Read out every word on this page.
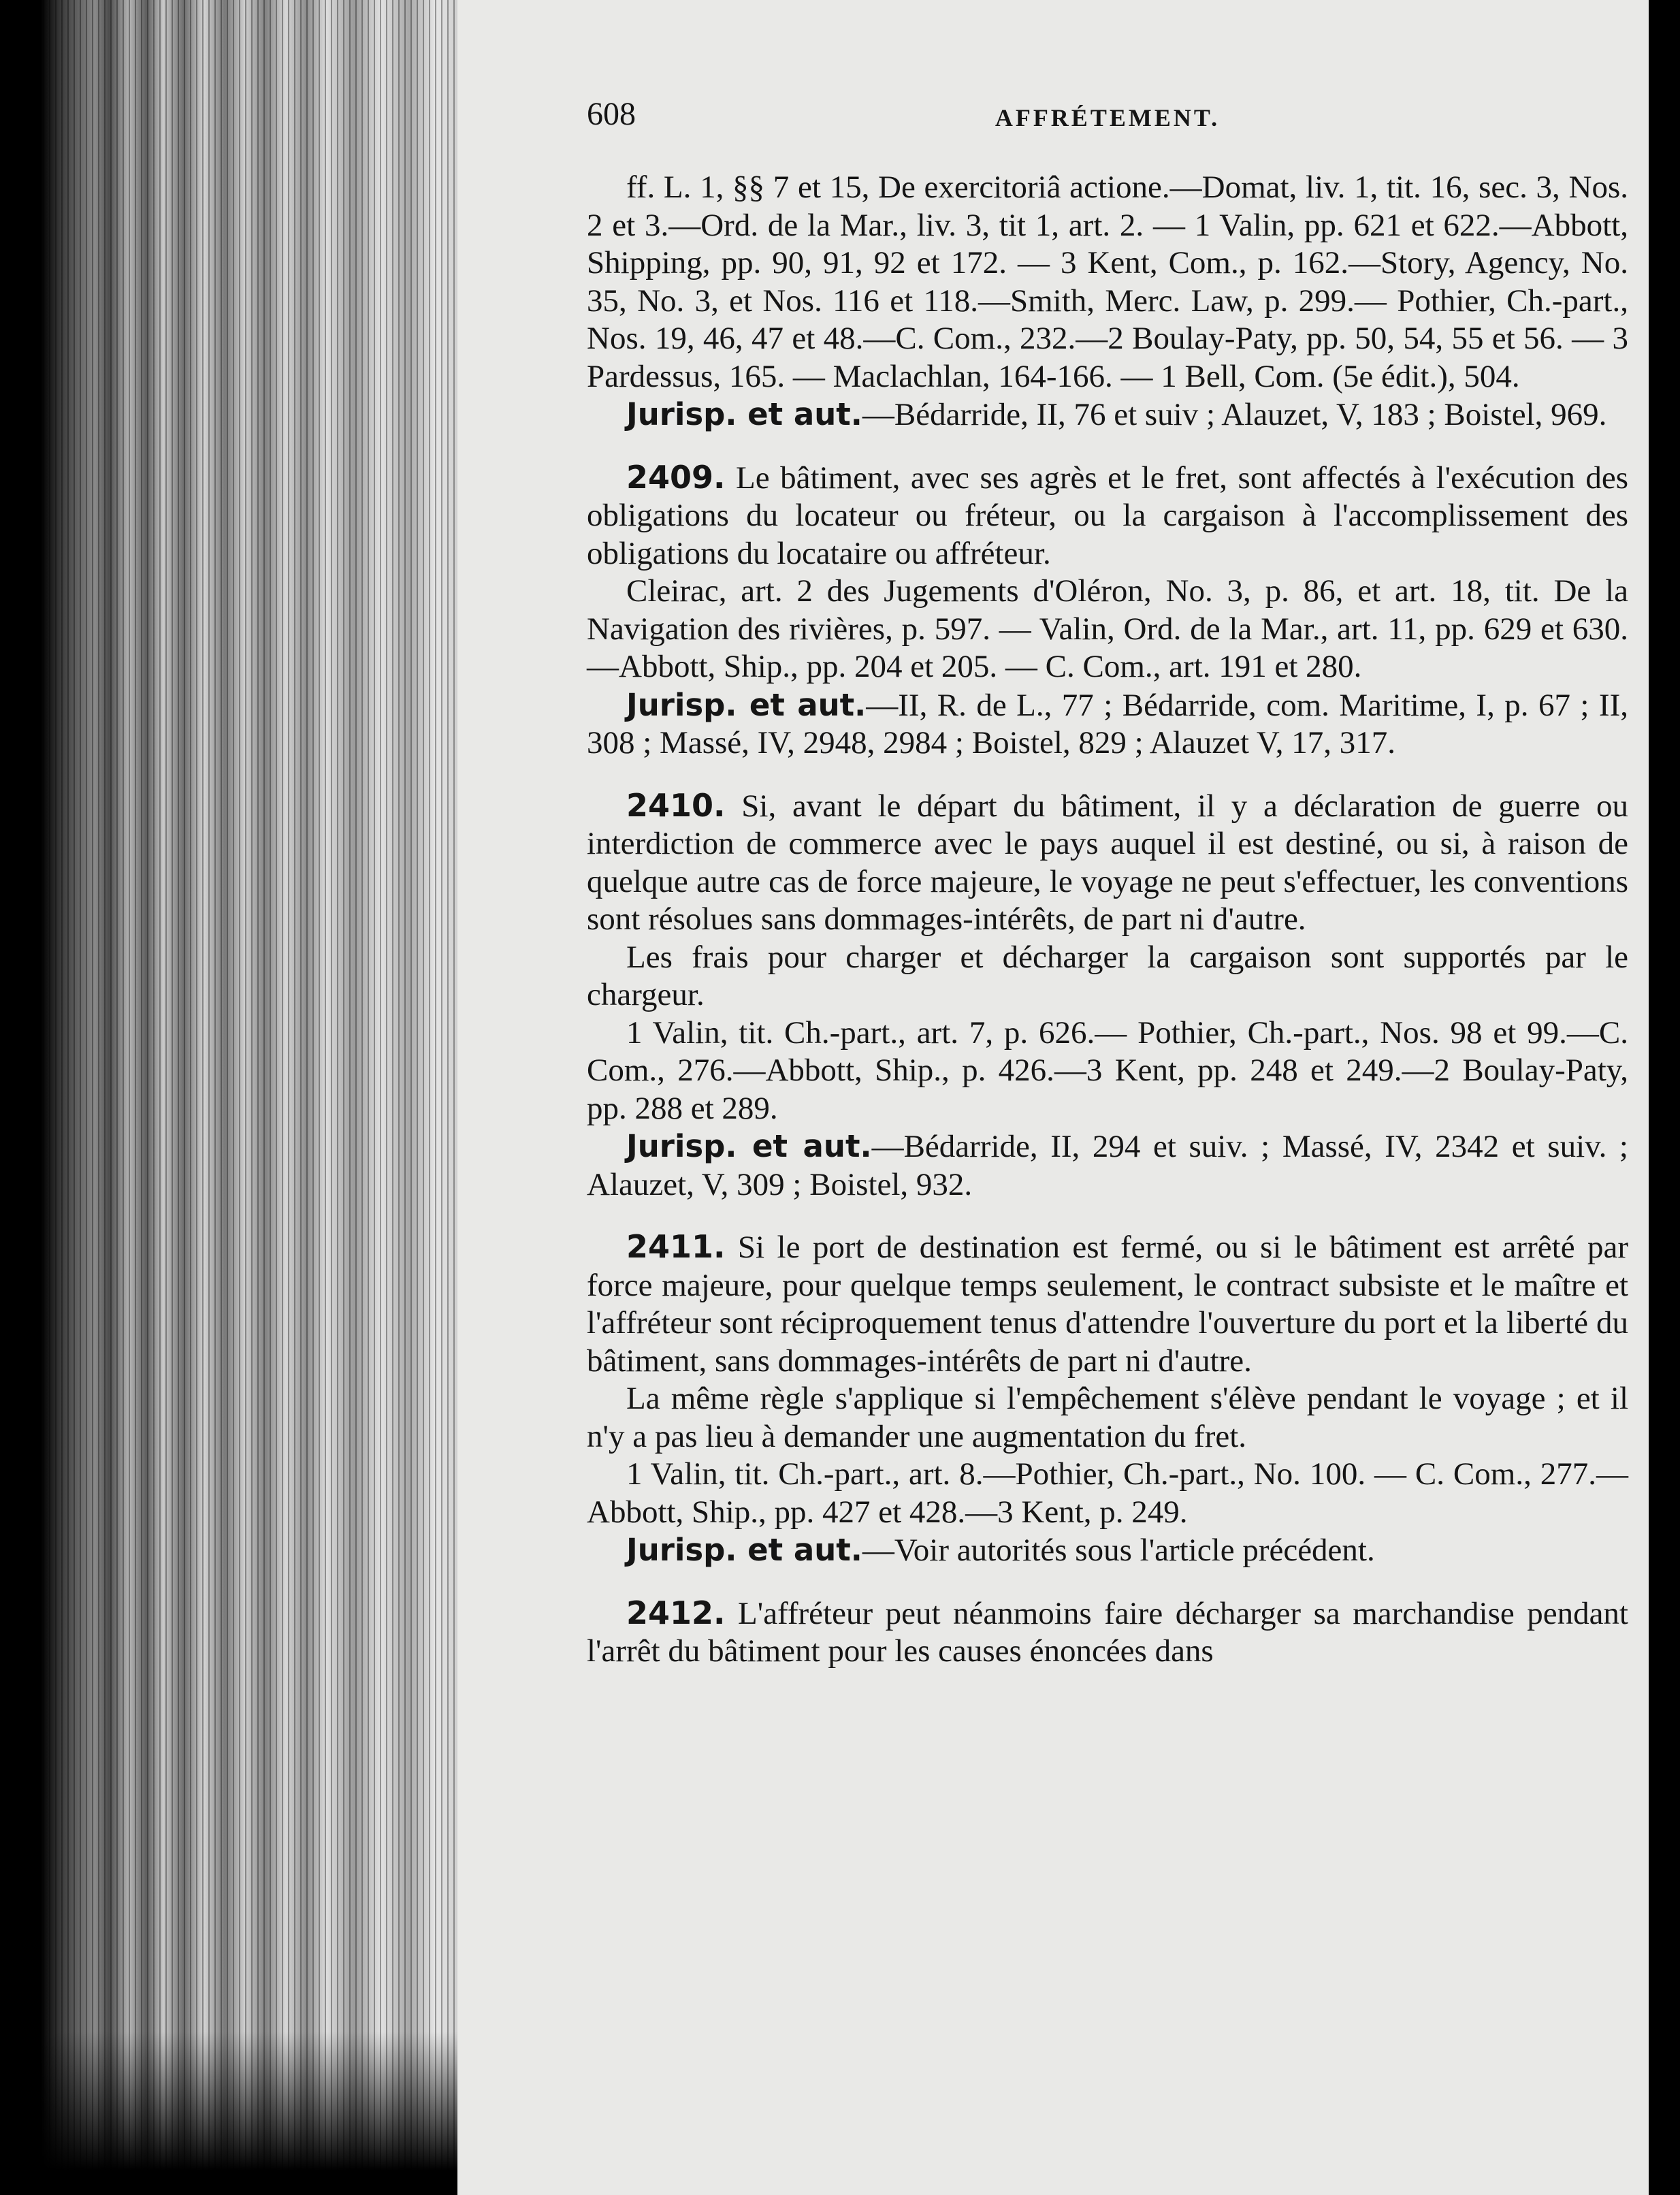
608	AFFRÉTEMENT.

ff. L. 1, §§ 7 et 15, De exercitoriâ actione.—Domat, liv. 1, tit. 16, sec. 3, Nos. 2 et 3.—Ord. de la Mar., liv. 3, tit 1, art. 2. — 1 Valin, pp. 621 et 622.—Abbott, Shipping, pp. 90, 91, 92 et 172. — 3 Kent, Com., p. 162.—Story, Agency, No. 35, No. 3, et Nos. 116 et 118.—Smith, Merc. Law, p. 299.— Pothier, Ch.-part., Nos. 19, 46, 47 et 48.—C. Com., 232.—2 Boulay-Paty, pp. 50, 54, 55 et 56. — 3 Pardessus, 165. — Maclachlan, 164-166. — 1 Bell, Com. (5e édit.), 504.

Jurisp. et aut.—Bédarride, II, 76 et suiv ; Alauzet, V, 183 ; Boistel, 969.

2409. Le bâtiment, avec ses agrès et le fret, sont affectés à l'exécution des obligations du locateur ou fréteur, ou la cargaison à l'accomplissement des obligations du locataire ou affréteur.

Cleirac, art. 2 des Jugements d'Oléron, No. 3, p. 86, et art. 18, tit. De la Navigation des rivières, p. 597. — Valin, Ord. de la Mar., art. 11, pp. 629 et 630.—Abbott, Ship., pp. 204 et 205. — C. Com., art. 191 et 280.

Jurisp. et aut.—II, R. de L., 77 ; Bédarride, com. Maritime, I, p. 67 ; II, 308 ; Massé, IV, 2948, 2984 ; Boistel, 829 ; Alauzet V, 17, 317.

2410. Si, avant le départ du bâtiment, il y a déclaration de guerre ou interdiction de commerce avec le pays auquel il est destiné, ou si, à raison de quelque autre cas de force majeure, le voyage ne peut s'effectuer, les conventions sont résolues sans dommages-intérêts, de part ni d'autre.

Les frais pour charger et décharger la cargaison sont supportés par le chargeur.

1 Valin, tit. Ch.-part., art. 7, p. 626.— Pothier, Ch.-part., Nos. 98 et 99.—C. Com., 276.—Abbott, Ship., p. 426.—3 Kent, pp. 248 et 249.—2 Boulay-Paty, pp. 288 et 289.

Jurisp. et aut.—Bédarride, II, 294 et suiv. ; Massé, IV, 2342 et suiv. ; Alauzet, V, 309 ; Boistel, 932.

2411. Si le port de destination est fermé, ou si le bâtiment est arrêté par force majeure, pour quelque temps seulement, le contract subsiste et le maître et l'affréteur sont réciproquement tenus d'attendre l'ouverture du port et la liberté du bâtiment, sans dommages-intérêts de part ni d'autre.

La même règle s'applique si l'empêchement s'élève pendant le voyage ; et il n'y a pas lieu à demander une augmentation du fret.

1 Valin, tit. Ch.-part., art. 8.—Pothier, Ch.-part., No. 100. — C. Com., 277.—Abbott, Ship., pp. 427 et 428.—3 Kent, p. 249.

Jurisp. et aut.—Voir autorités sous l'article précédent.

2412. L'affréteur peut néanmoins faire décharger sa marchandise pendant l'arrêt du bâtiment pour les causes énoncées dans
